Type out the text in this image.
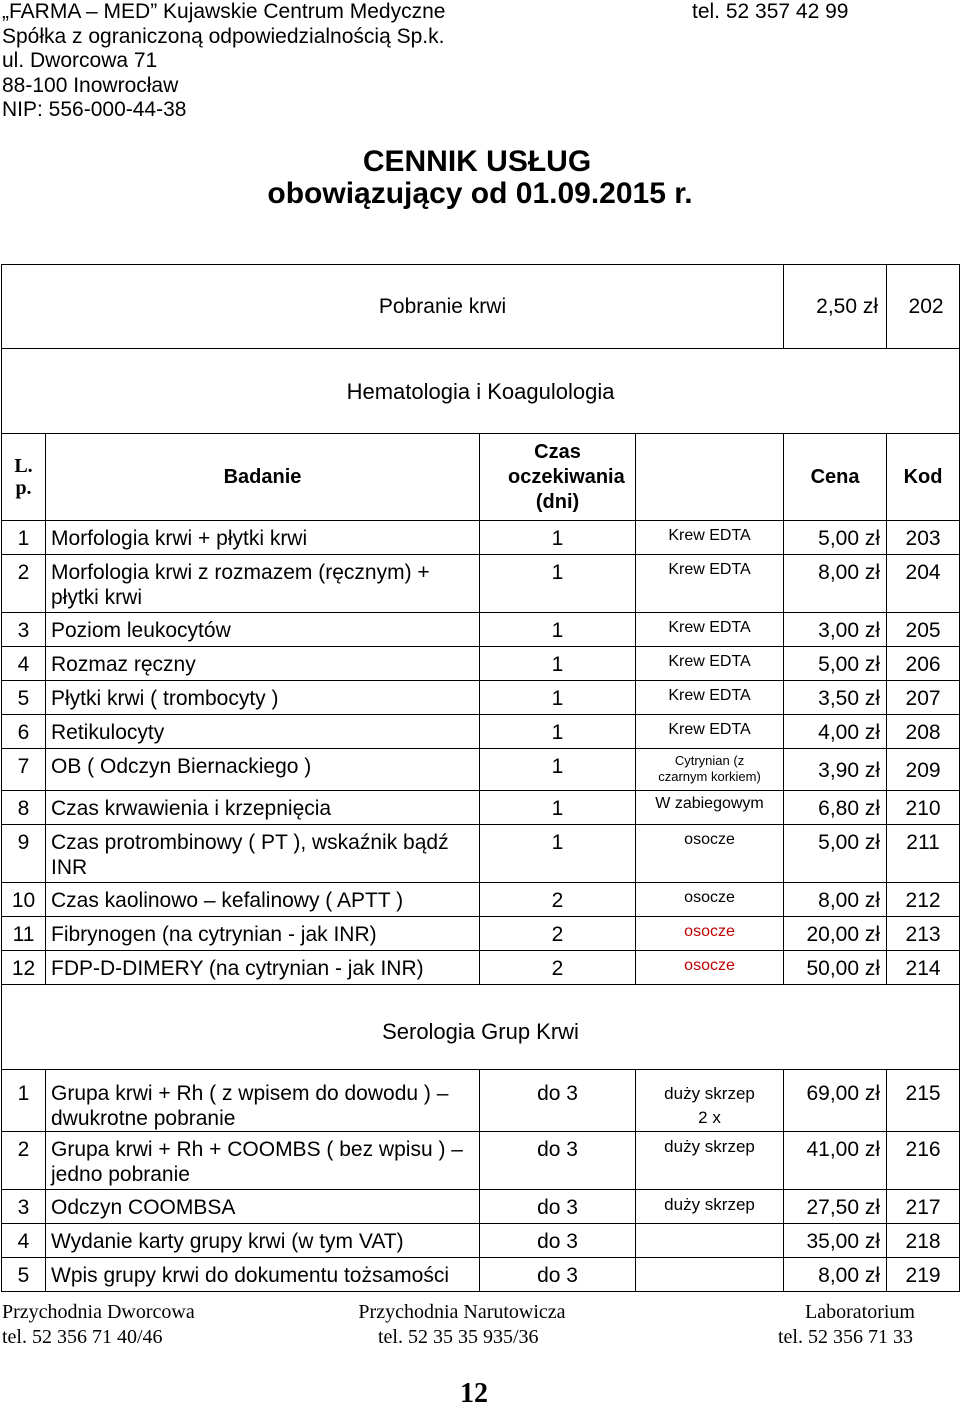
„FARMA – MED” Kujawskie Centrum Medyczne
Spółka z ograniczoną odpowiedzialnością Sp.k.
ul. Dworcowa 71
88-100 Inowrocław
NIP: 556-000-44-38
tel. 52 357 42 99
CENNIK USŁUG
obowiązujący od 01.09.2015 r.
Pobranie krwi				2,50 zł	202
Hematologia i Koagulologia					
L.p.	Badanie	Czas oczekiwania (dni)		Cena	Kod
1	Morfologia krwi + płytki krwi	1	Krew EDTA	5,00 zł	203
2	Morfologia krwi z rozmazem (ręcznym) + płytki krwi	1	Krew EDTA	8,00 zł	204
3	Poziom leukocytów	1	Krew EDTA	3,00 zł	205
4	Rozmaz ręczny	1	Krew EDTA	5,00 zł	206
5	Płytki krwi ( trombocyty )	1	Krew EDTA	3,50 zł	207
6	Retikulocyty	1	Krew EDTA	4,00 zł	208
7	OB ( Odczyn Biernackiego )	1	Cytrynian (z czarnym korkiem)	3,90 zł	209
8	Czas krwawienia i krzepnięcia	1	W zabiegowym	6,80 zł	210
9	Czas protrombinowy ( PT ), wskaźnik bądź INR	1	osocze	5,00 zł	211
10	Czas kaolinowo – kefalinowy ( APTT )	2	osocze	8,00 zł	212
11	Fibrynogen (na cytrynian - jak INR)	2	osocze	20,00 zł	213
12	FDP-D-DIMERY (na cytrynian - jak INR)	2	osocze	50,00 zł	214
Serologia Grup Krwi					
1	Grupa krwi + Rh ( z wpisem do dowodu ) – dwukrotne pobranie	do 3	duży skrzep 2 x	69,00 zł	215
2	Grupa krwi + Rh + COOMBS ( bez wpisu ) – jedno pobranie	do 3	duży skrzep	41,00 zł	216
3	Odczyn COOMBSA	do 3	duży skrzep	27,50 zł	217
4	Wydanie karty grupy krwi (w tym VAT)	do 3		35,00 zł	218
5	Wpis grupy krwi do dokumentu tożsamości	do 3		8,00 zł	219
Przychodnia Dworcowa
tel. 52 356 71 40/46
Przychodnia Narutowicza
tel. 52 35 35 935/36
Laboratorium
tel. 52 356 71 33
12
